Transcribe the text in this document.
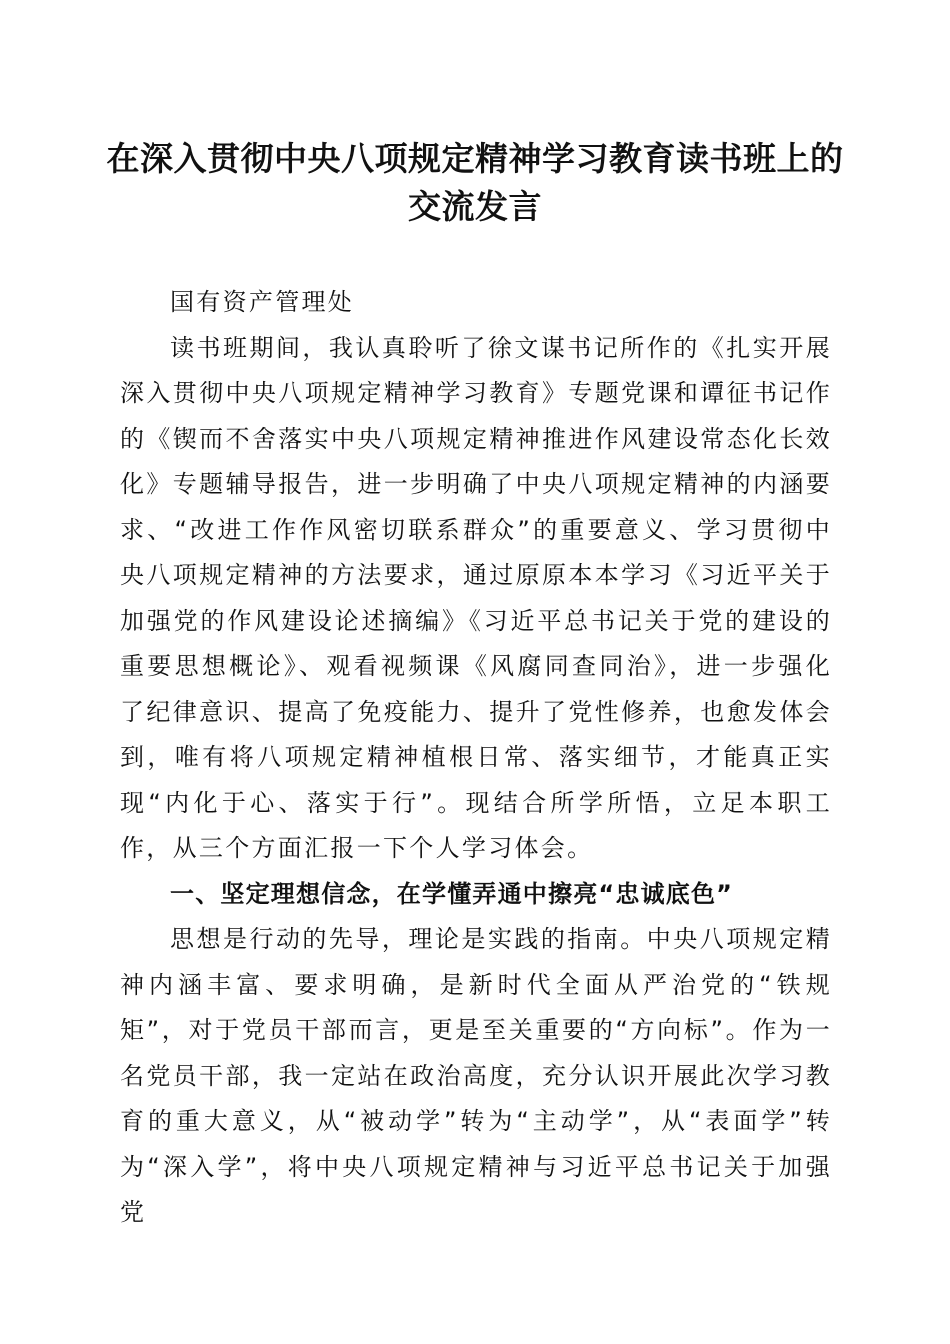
在深入贯彻中央八项规定精神学习教育读书班上的交流发言

国有资产管理处

读书班期间，我认真聆听了徐文谋书记所作的《扎实开展深入贯彻中央八项规定精神学习教育》专题党课和谭征书记作的《锲而不舍落实中央八项规定精神推进作风建设常态化长效化》专题辅导报告，进一步明确了中央八项规定精神的内涵要求、“改进工作作风密切联系群众”的重要意义、学习贯彻中央八项规定精神的方法要求，通过原原本本学习《习近平关于加强党的作风建设论述摘编》《习近平总书记关于党的建设的重要思想概论》、观看视频课《风腐同查同治》，进一步强化了纪律意识、提高了免疫能力、提升了党性修养，也愈发体会到，唯有将八项规定精神植根日常、落实细节，才能真正实现“内化于心、落实于行”。现结合所学所悟，立足本职工作，从三个方面汇报一下个人学习体会。

一、坚定理想信念，在学懂弄通中擦亮“忠诚底色”

思想是行动的先导，理论是实践的指南。中央八项规定精神内涵丰富、要求明确，是新时代全面从严治党的“铁规矩”，对于党员干部而言，更是至关重要的“方向标”。作为一名党员干部，我一定站在政治高度，充分认识开展此次学习教育的重大意义，从“被动学”转为“主动学”，从“表面学”转为“深入学”，将中央八项规定精神与习近平总书记关于加强党
